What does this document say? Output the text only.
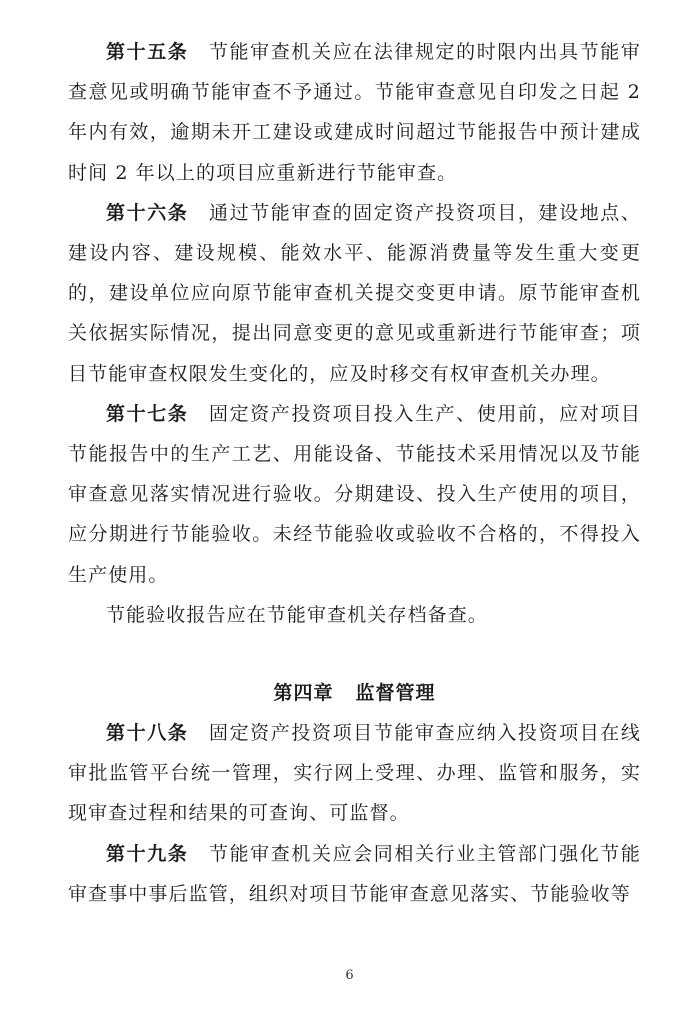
第十五条  节能审查机关应在法律规定的时限内出具节能审查意见或明确节能审查不予通过。节能审查意见自印发之日起 2 年内有效，逾期未开工建设或建成时间超过节能报告中预计建成时间 2 年以上的项目应重新进行节能审查。

第十六条  通过节能审查的固定资产投资项目，建设地点、建设内容、建设规模、能效水平、能源消费量等发生重大变更的，建设单位应向原节能审查机关提交变更申请。原节能审查机关依据实际情况，提出同意变更的意见或重新进行节能审查；项目节能审查权限发生变化的，应及时移交有权审查机关办理。

第十七条  固定资产投资项目投入生产、使用前，应对项目节能报告中的生产工艺、用能设备、节能技术采用情况以及节能审查意见落实情况进行验收。分期建设、投入生产使用的项目，应分期进行节能验收。未经节能验收或验收不合格的，不得投入生产使用。

节能验收报告应在节能审查机关存档备查。

第四章 监督管理

第十八条  固定资产投资项目节能审查应纳入投资项目在线审批监管平台统一管理，实行网上受理、办理、监管和服务，实现审查过程和结果的可查询、可监督。

第十九条  节能审查机关应会同相关行业主管部门强化节能审查事中事后监管，组织对项目节能审查意见落实、节能验收等

6
